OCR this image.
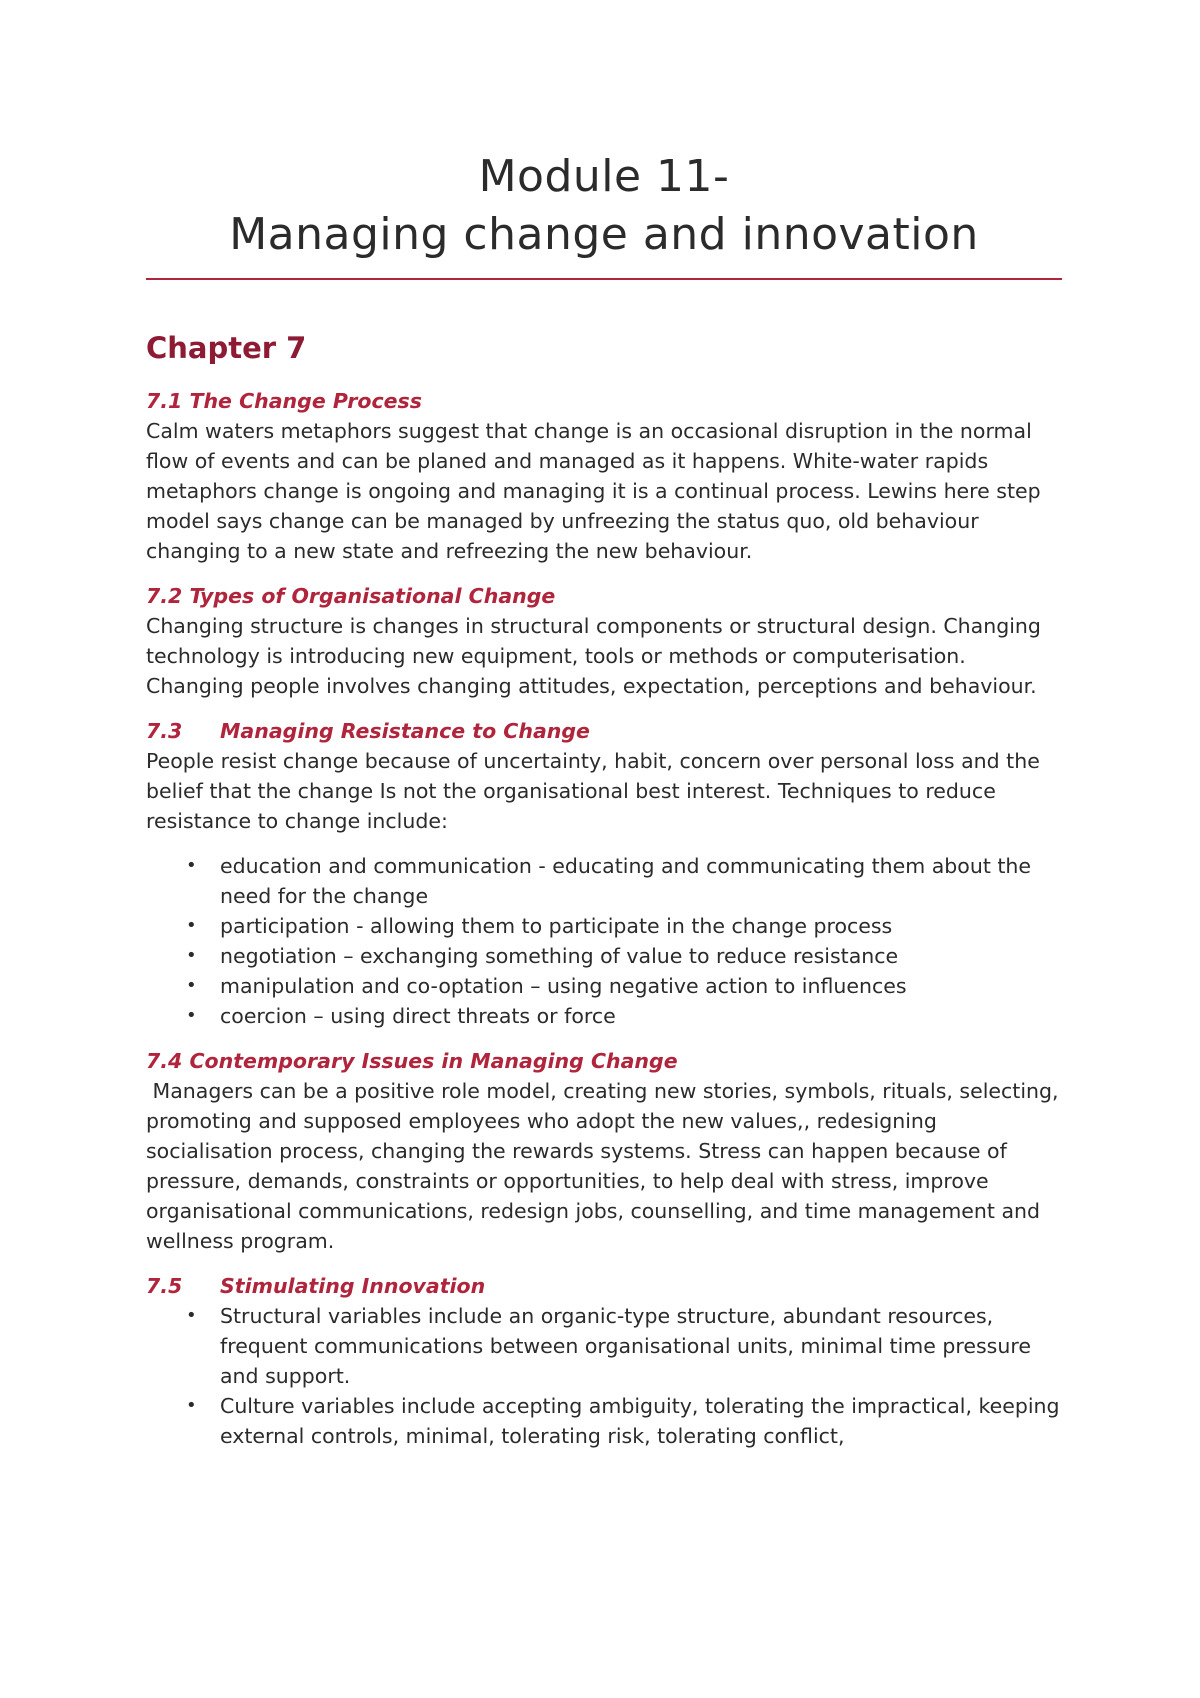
Module 11-
Managing change and innovation
Chapter 7
7.1 The Change Process

Calm waters metaphors suggest that change is an occasional disruption in the normal flow of events and can be planed and managed as it happens. White-water rapids metaphors change is ongoing and managing it is a continual process. Lewins here step model says change can be managed by unfreezing the status quo, old behaviour changing to a new state and refreezing the new behaviour.

7.2 Types of Organisational Change

Changing structure is changes in structural components or structural design. Changing technology is introducing new equipment, tools or methods or computerisation. Changing people involves changing attitudes, expectation, perceptions and behaviour.

7.3 Managing Resistance to Change

People resist change because of uncertainty, habit, concern over personal loss and the belief that the change Is not the organisational best interest. Techniques to reduce resistance to change include:

• education and communication - educating and communicating them about the need for the change
• participation - allowing them to participate in the change process
• negotiation – exchanging something of value to reduce resistance
• manipulation and co-optation – using negative action to influences
• coercion – using direct threats or force
7.4 Contemporary Issues in Managing Change

Managers can be a positive role model, creating new stories, symbols, rituals, selecting, promoting and supposed employees who adopt the new values,, redesigning socialisation process, changing the rewards systems. Stress can happen because of pressure, demands, constraints or opportunities, to help deal with stress, improve organisational communications, redesign jobs, counselling, and time management and wellness program.

7.5 Stimulating Innovation
• Structural variables include an organic-type structure, abundant resources, frequent communications between organisational units, minimal time pressure and support.
• Culture variables include accepting ambiguity, tolerating the impractical, keeping external controls, minimal, tolerating risk, tolerating conflict,
